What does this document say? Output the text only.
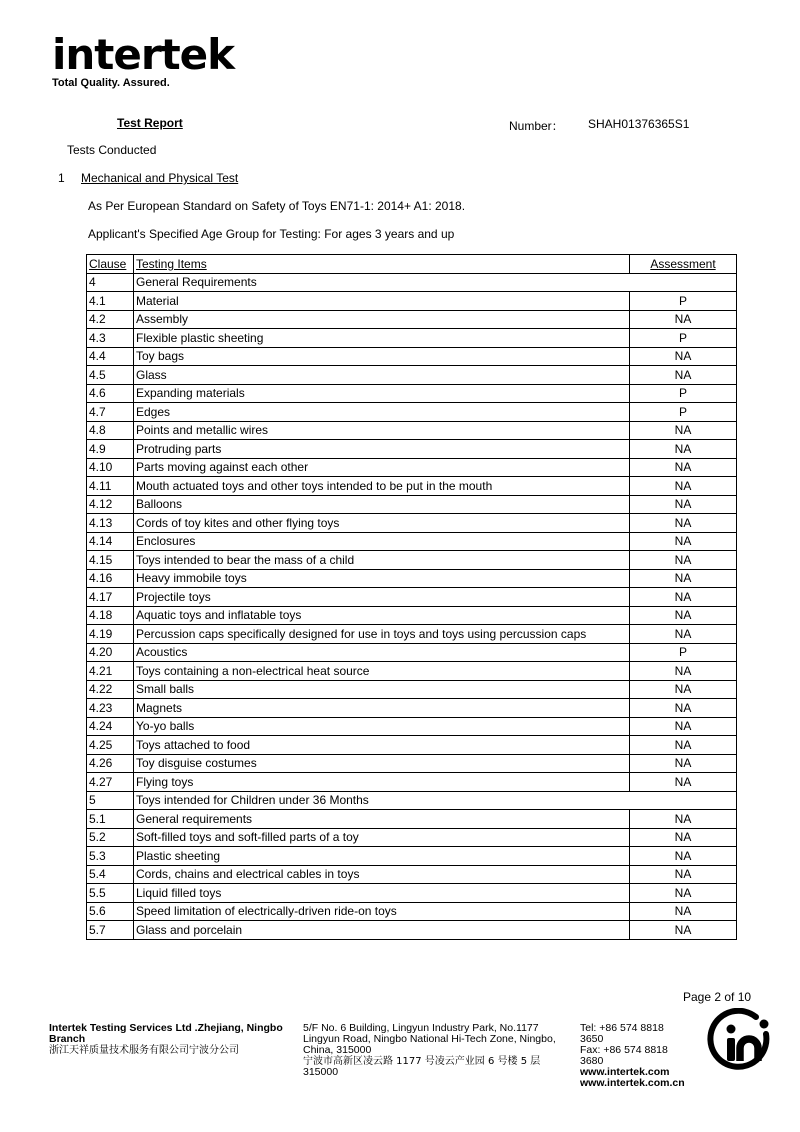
intertek
Total Quality. Assured.
Test Report	Number： SHAH01376365S1
Tests Conducted
1 Mechanical and Physical Test
As Per European Standard on Safety of Toys EN71-1: 2014+ A1: 2018.
Applicant's Specified Age Group for Testing: For ages 3 years and up
Clause	Testing Items	Assessment
4	General Requirements	
4.1	Material	P
4.2	Assembly	NA
4.3	Flexible plastic sheeting	P
4.4	Toy bags	NA
4.5	Glass	NA
4.6	Expanding materials	P
4.7	Edges	P
4.8	Points and metallic wires	NA
4.9	Protruding parts	NA
4.10	Parts moving against each other	NA
4.11	Mouth actuated toys and other toys intended to be put in the mouth	NA
4.12	Balloons	NA
4.13	Cords of toy kites and other flying toys	NA
4.14	Enclosures	NA
4.15	Toys intended to bear the mass of a child	NA
4.16	Heavy immobile toys	NA
4.17	Projectile toys	NA
4.18	Aquatic toys and inflatable toys	NA
4.19	Percussion caps specifically designed for use in toys and toys using percussion caps	NA
4.20	Acoustics	P
4.21	Toys containing a non-electrical heat source	NA
4.22	Small balls	NA
4.23	Magnets	NA
4.24	Yo-yo balls	NA
4.25	Toys attached to food	NA
4.26	Toy disguise costumes	NA
4.27	Flying toys	NA
5	Toys intended for Children under 36 Months	
5.1	General requirements	NA
5.2	Soft-filled toys and soft-filled parts of a toy	NA
5.3	Plastic sheeting	NA
5.4	Cords, chains and electrical cables in toys	NA
5.5	Liquid filled toys	NA
5.6	Speed limitation of electrically-driven ride-on toys	NA
5.7	Glass and porcelain	NA
Page 2 of 10
Intertek Testing Services Ltd .Zhejiang, Ningbo
Branch
浙江天祥质量技术服务有限公司宁波分公司
5/F No. 6 Building, Lingyun Industry Park, No.1177
Lingyun Road, Ningbo National Hi-Tech Zone, Ningbo,
China, 315000
宁波市高新区凌云路 1177 号凌云产业园 6 号楼 5 层
315000
Tel: +86 574 8818
3650
Fax: +86 574 8818
3680
www.intertek.com
www.intertek.com.cn
